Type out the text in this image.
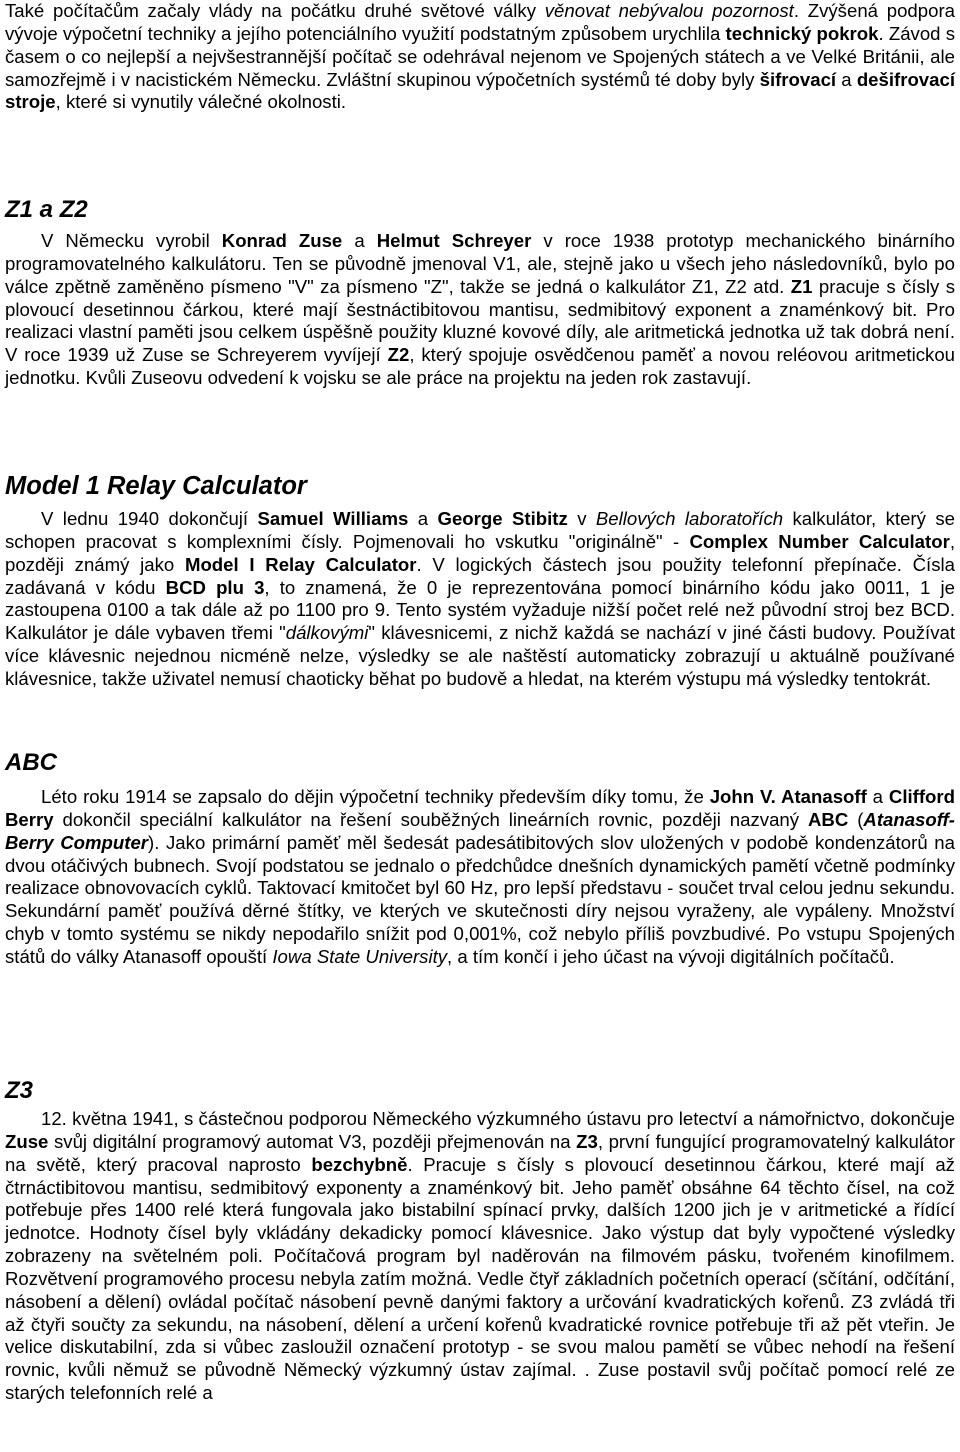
Také počítačům začaly vlády na počátku druhé světové války věnovat nebývalou pozornost. Zvýšená podpora vývoje výpočetní techniky a jejího potenciálního využití podstatným způsobem urychlila technický pokrok. Závod s časem o co nejlepší a nejvšestrannější počítač se odehrával nejenom ve Spojených státech a ve Velké Británii, ale samozřejmě i v nacistickém Německu. Zvláštní skupinou výpočetních systémů té doby byly šifrovací a dešifrovací stroje, které si vynutily válečné okolnosti.

Z1 a Z2

V Německu vyrobil Konrad Zuse a Helmut Schreyer v roce 1938 prototyp mechanického binárního programovatelného kalkulátoru. Ten se původně jmenoval V1, ale, stejně jako u všech jeho následovníků, bylo po válce zpětně zaměněno písmeno "V" za písmeno "Z", takže se jedná o kalkulátor Z1, Z2 atd. Z1 pracuje s čísly s plovoucí desetinnou čárkou, které mají šestnáctibitovou mantisu, sedmibitový exponent a znaménkový bit. Pro realizaci vlastní paměti jsou celkem úspěšně použity kluzné kovové díly, ale aritmetická jednotka už tak dobrá není. V roce 1939 už Zuse se Schreyerem vyvíjejí Z2, který spojuje osvědčenou paměť a novou reléovou aritmetickou jednotku. Kvůli Zuseovu odvedení k vojsku se ale práce na projektu na jeden rok zastavují.

Model 1 Relay Calculator

V lednu 1940 dokončují Samuel Williams a George Stibitz v Bellových laboratořích kalkulátor, který se schopen pracovat s komplexními čísly. Pojmenovali ho vskutku "originálně" - Complex Number Calculator, později známý jako Model I Relay Calculator. V logických částech jsou použity telefonní přepínače. Čísla zadávaná v kódu BCD plu 3, to znamená, že 0 je reprezentována pomocí binárního kódu jako 0011, 1 je zastoupena 0100 a tak dále až po 1100 pro 9. Tento systém vyžaduje nižší počet relé než původní stroj bez BCD. Kalkulátor je dále vybaven třemi "dálkovými" klávesnicemi, z nichž každá se nachází v jiné části budovy. Používat více klávesnic nejednou nicméně nelze, výsledky se ale naštěstí automaticky zobrazují u aktuálně používané klávesnice, takže uživatel nemusí chaoticky běhat po budově a hledat, na kterém výstupu má výsledky tentokrát.

ABC

Léto roku 1914 se zapsalo do dějin výpočetní techniky především díky tomu, že John V. Atanasoff a Clifford Berry dokončil speciální kalkulátor na řešení souběžných lineárních rovnic, později nazvaný ABC (Atanasoff-Berry Computer). Jako primární paměť měl šedesát padesátibitových slov uložených v podobě kondenzátorů na dvou otáčivých bubnech. Svojí podstatou se jednalo o předchůdce dnešních dynamických pamětí včetně podmínky realizace obnovovacích cyklů. Taktovací kmitočet byl 60 Hz, pro lepší představu - součet trval celou jednu sekundu. Sekundární paměť používá děrné štítky, ve kterých ve skutečnosti díry nejsou vyraženy, ale vypáleny. Množství chyb v tomto systému se nikdy nepodařilo snížit pod 0,001%, což nebylo příliš povzbudivé. Po vstupu Spojených států do války Atanasoff opouští Iowa State University, a tím končí i jeho účast na vývoji digitálních počítačů.

Z3

12. května 1941, s částečnou podporou Německého výzkumného ústavu pro letectví a námořnictvo, dokončuje Zuse svůj digitální programový automat V3, později přejmenován na Z3, první fungující programovatelný kalkulátor na světě, který pracoval naprosto bezchybně. Pracuje s čísly s plovoucí desetinnou čárkou, které mají až čtrnáctibitovou mantisu, sedmibitový exponenty a znaménkový bit. Jeho paměť obsáhne 64 těchto čísel, na což potřebuje přes 1400 relé která fungovala jako bistabilní spínací prvky, dalších 1200 jich je v aritmetické a řídící jednotce. Hodnoty čísel byly vkládány dekadicky pomocí klávesnice. Jako výstup dat byly vypočtené výsledky zobrazeny na světelném poli. Počítačová program byl naděrován na filmovém pásku, tvořeném kinofilmem. Rozvětvení programového procesu nebyla zatím možná. Vedle čtyř základních početních operací (sčítání, odčítání, násobení a dělení) ovládal počítač násobení pevně danými faktory a určování kvadratických kořenů. Z3 zvládá tři až čtyři součty za sekundu, na násobení, dělení a určení kořenů kvadratické rovnice potřebuje tři až pět vteřin. Je velice diskutabilní, zda si vůbec zasloužil označení prototyp - se svou malou pamětí se vůbec nehodí na řešení rovnic, kvůli němuž se původně Německý výzkumný ústav zajímal. . Zuse postavil svůj počítač pomocí relé ze starých telefonních relé a
